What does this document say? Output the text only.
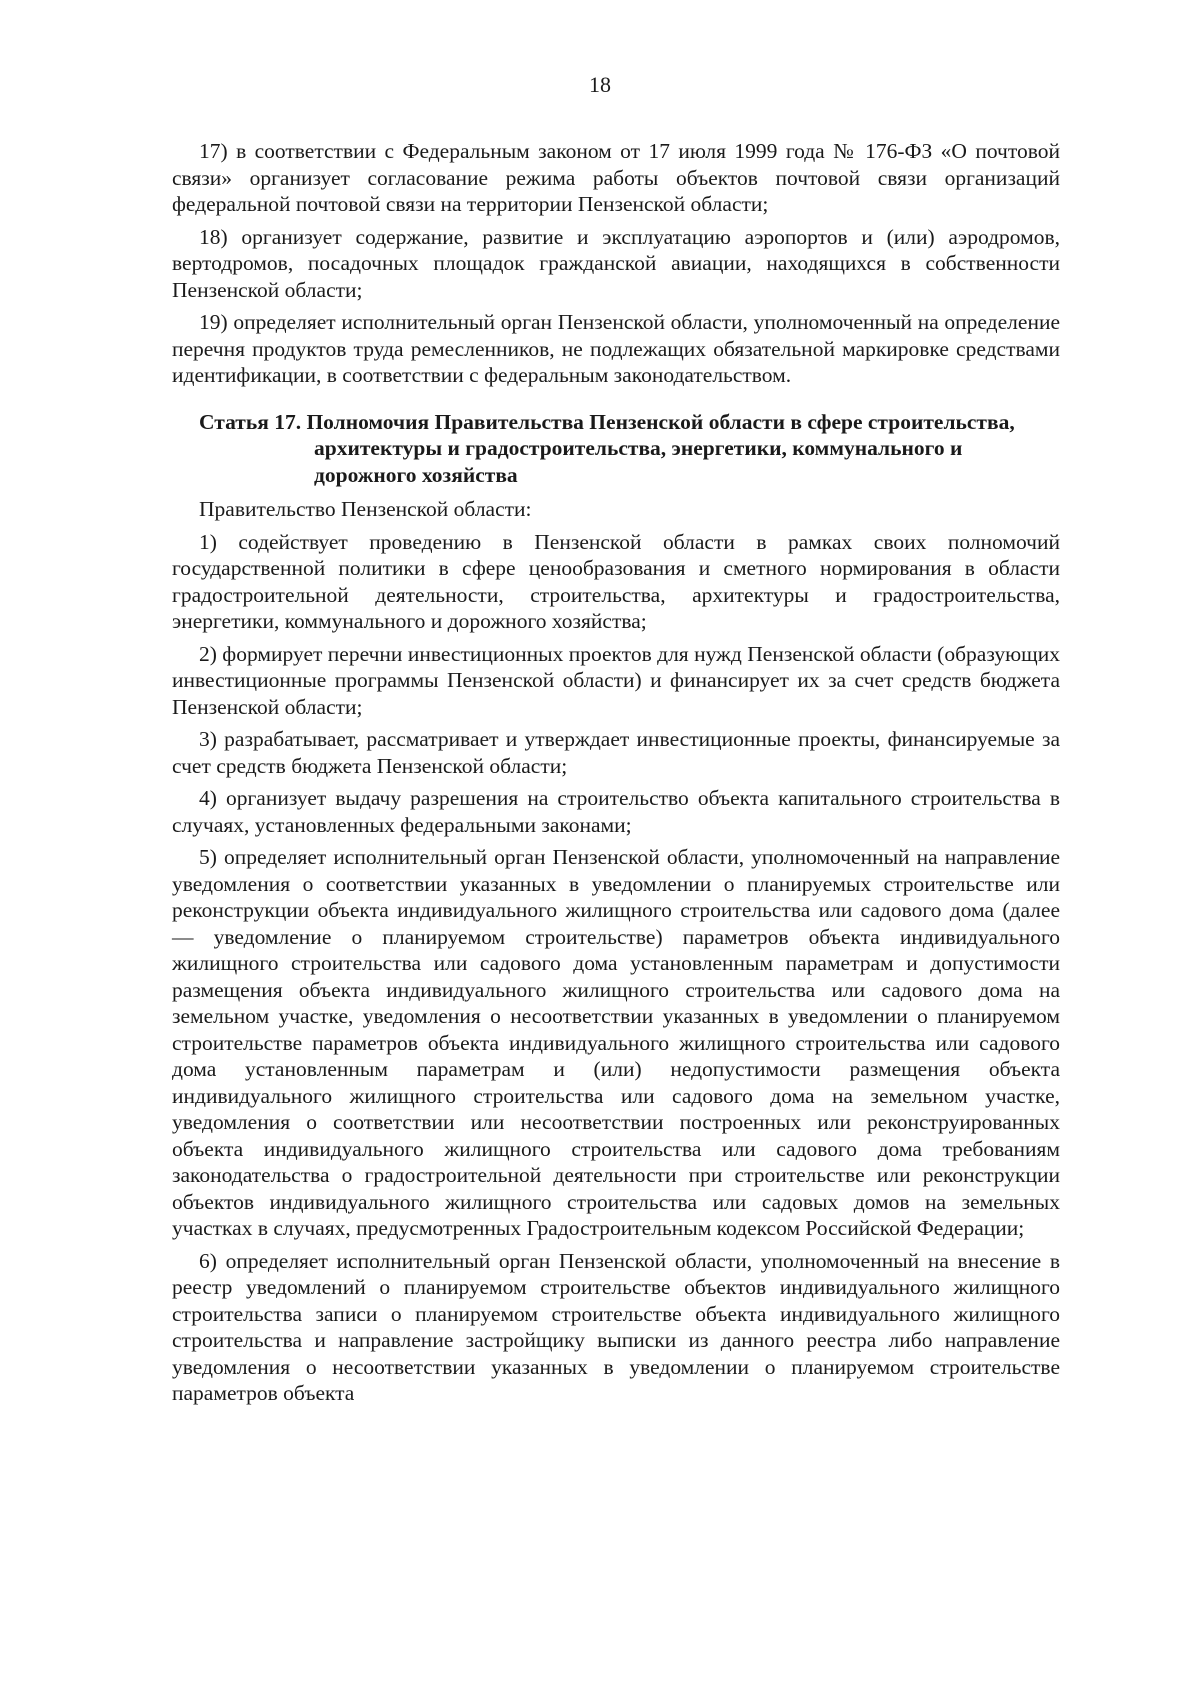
18

17) в соответствии с Федеральным законом от 17 июля 1999 года № 176-ФЗ «О почтовой связи» организует согласование режима работы объектов почтовой связи организаций федеральной почтовой связи на территории Пензенской области;

18) организует содержание, развитие и эксплуатацию аэропортов и (или) аэродромов, вертодромов, посадочных площадок гражданской авиации, находящихся в собственности Пензенской области;

19) определяет исполнительный орган Пензенской области, уполномоченный на определение перечня продуктов труда ремесленников, не подлежащих обязательной маркировке средствами идентификации, в соответствии с федеральным законодательством.

Статья 17. Полномочия Правительства Пензенской области в сфере строительства, архитектуры и градостроительства, энергетики, коммунального и дорожного хозяйства

Правительство Пензенской области:

1) содействует проведению в Пензенской области в рамках своих полномочий государственной политики в сфере ценообразования и сметного нормирования в области градостроительной деятельности, строительства, архитектуры и градостроительства, энергетики, коммунального и дорожного хозяйства;

2) формирует перечни инвестиционных проектов для нужд Пензенской области (образующих инвестиционные программы Пензенской области) и финансирует их за счет средств бюджета Пензенской области;

3) разрабатывает, рассматривает и утверждает инвестиционные проекты, финансируемые за счет средств бюджета Пензенской области;

4) организует выдачу разрешения на строительство объекта капитального строительства в случаях, установленных федеральными законами;

5) определяет исполнительный орган Пензенской области, уполномоченный на направление уведомления о соответствии указанных в уведомлении о планируемых строительстве или реконструкции объекта индивидуального жилищного строительства или садового дома (далее — уведомление о планируемом строительстве) параметров объекта индивидуального жилищного строительства или садового дома установленным параметрам и допустимости размещения объекта индивидуального жилищного строительства или садового дома на земельном участке, уведомления о несоответствии указанных в уведомлении о планируемом строительстве параметров объекта индивидуального жилищного строительства или садового дома установленным параметрам и (или) недопустимости размещения объекта индивидуального жилищного строительства или садового дома на земельном участке, уведомления о соответствии или несоответствии построенных или реконструированных объекта индивидуального жилищного строительства или садового дома требованиям законодательства о градостроительной деятельности при строительстве или реконструкции объектов индивидуального жилищного строительства или садовых домов на земельных участках в случаях, предусмотренных Градостроительным кодексом Российской Федерации;

6) определяет исполнительный орган Пензенской области, уполномоченный на внесение в реестр уведомлений о планируемом строительстве объектов индивидуального жилищного строительства записи о планируемом строительстве объекта индивидуального жилищного строительства и направление застройщику выписки из данного реестра либо направление уведомления о несоответствии указанных в уведомлении о планируемом строительстве параметров объекта
